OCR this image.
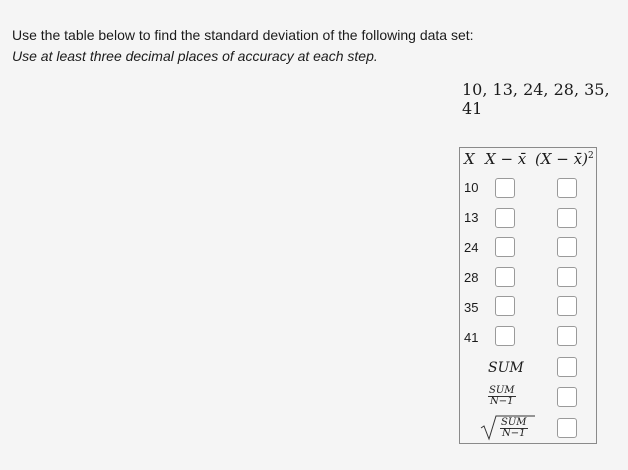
Use the table below to find the standard deviation of the following data set:
Use at least three decimal places of accuracy at each step.
10, 13, 24, 28, 35, 41
X X − x̄ (X − x̄)$^2$
10
13
24
28
35
41
SUM
SUM
N−1
SUM
N−1
